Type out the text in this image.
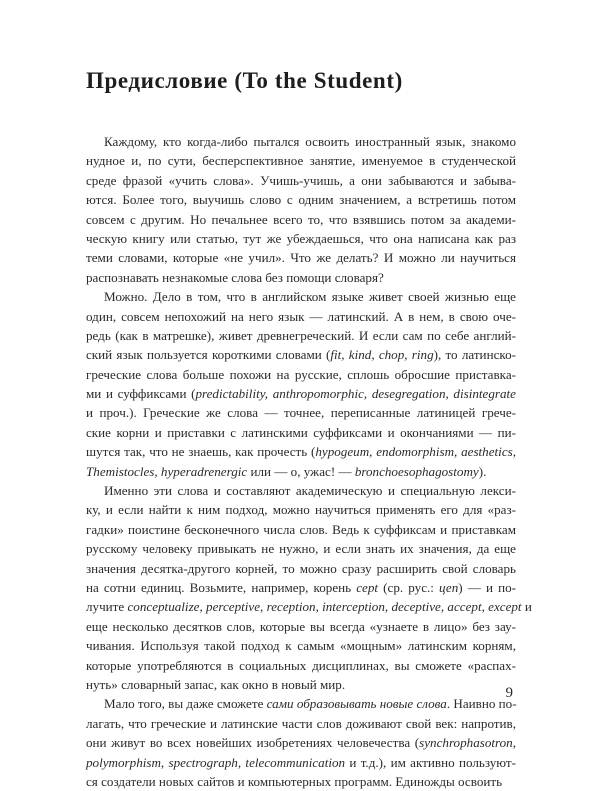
Предисловие (To the Student)
Каждому, кто когда-либо пытался освоить иностранный язык, знакомо
нудное и, по сути, бесперспективное занятие, именуемое в студенческой
среде фразой «учить слова». Учишь-учишь, а они забываются и забыва-
ются. Более того, выучишь слово с одним значением, а встретишь потом
совсем с другим. Но печальнее всего то, что взявшись потом за академи-
ческую книгу или статью, тут же убеждаешься, что она написана как раз
теми словами, которые «не учил». Что же делать? И можно ли научиться
распознавать незнакомые слова без помощи словаря?
Можно. Дело в том, что в английском языке живет своей жизнью еще
один, совсем непохожий на него язык — латинский. А в нем, в свою оче-
редь (как в матрешке), живет древнегреческий. И если сам по себе англий-
ский язык пользуется короткими словами (fit, kind, chop, ring), то латинско-
греческие слова больше похожи на русские, сплошь обросшие приставка-
ми и суффиксами (predictability, anthropomorphic, desegregation, disintegrate
и проч.). Греческие же слова — точнее, переписанные латиницей грече-
ские корни и приставки с латинскими суффиксами и окончаниями — пи-
шутся так, что не знаешь, как прочесть (hypogeum, endomorphism, aesthetics,
Themistocles, hyperadrenergic или — о, ужас! — bronchoesophagostomy).
Именно эти слова и составляют академическую и специальную лекси-
ку, и если найти к ним подход, можно научиться применять его для «раз-
гадки» поистине бесконечного числа слов. Ведь к суффиксам и приставкам
русскому человеку привыкать не нужно, и если знать их значения, да еще
значения десятка-другого корней, то можно сразу расширить свой словарь
на сотни единиц. Возьмите, например, корень cept (ср. рус.: цеп) — и по-
лучите conceptualize, perceptive, reception, interception, deceptive, accept, except и
еще несколько десятков слов, которые вы всегда «узнаете в лицо» без зау-
чивания. Используя такой подход к самым «мощным» латинским корням,
которые употребляются в социальных дисциплинах, вы сможете «распах-
нуть» словарный запас, как окно в новый мир.
Мало того, вы даже сможете сами образовывать новые слова. Наивно по-
лагать, что греческие и латинские части слов доживают свой век: напротив,
они живут во всех новейших изобретениях человечества (synchrophasotron,
polymorphism, spectrograph, telecommunication и т.д.), им активно пользуют-
ся создатели новых сайтов и компьютерных программ. Единожды освоить
9
